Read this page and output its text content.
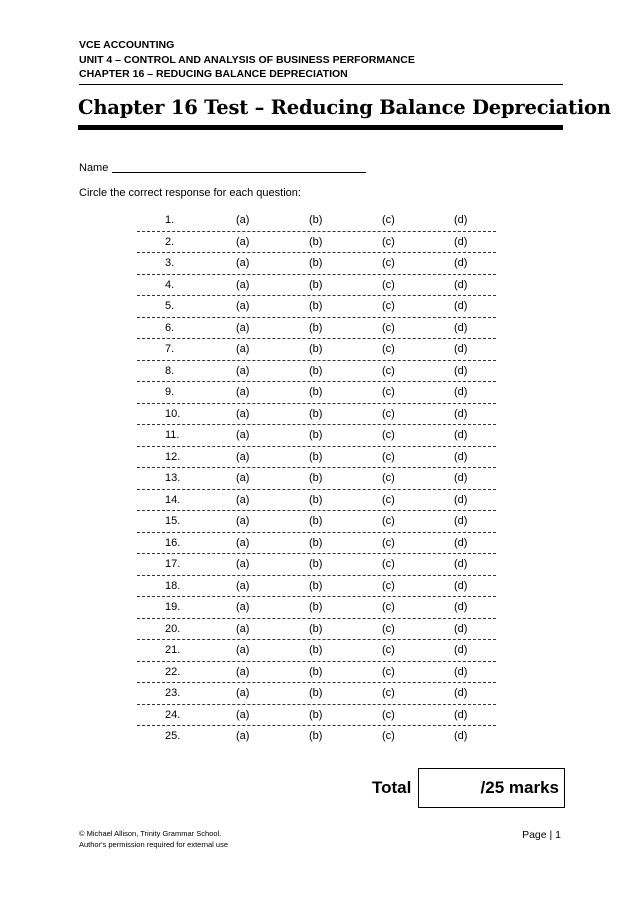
VCE ACCOUNTING
UNIT 4 – CONTROL AND ANALYSIS OF BUSINESS PERFORMANCE
CHAPTER 16 – REDUCING BALANCE DEPRECIATION
Chapter 16 Test – Reducing Balance Depreciation
Name
Circle the correct response for each question:
1.	(a)	(b)	(c)	(d)
2.	(a)	(b)	(c)	(d)
3.	(a)	(b)	(c)	(d)
4.	(a)	(b)	(c)	(d)
5.	(a)	(b)	(c)	(d)
6.	(a)	(b)	(c)	(d)
7.	(a)	(b)	(c)	(d)
8.	(a)	(b)	(c)	(d)
9.	(a)	(b)	(c)	(d)
10.	(a)	(b)	(c)	(d)
11.	(a)	(b)	(c)	(d)
12.	(a)	(b)	(c)	(d)
13.	(a)	(b)	(c)	(d)
14.	(a)	(b)	(c)	(d)
15.	(a)	(b)	(c)	(d)
16.	(a)	(b)	(c)	(d)
17.	(a)	(b)	(c)	(d)
18.	(a)	(b)	(c)	(d)
19.	(a)	(b)	(c)	(d)
20.	(a)	(b)	(c)	(d)
21.	(a)	(b)	(c)	(d)
22.	(a)	(b)	(c)	(d)
23.	(a)	(b)	(c)	(d)
24.	(a)	(b)	(c)	(d)
25.	(a)	(b)	(c)	(d)
Total	/25 marks
© Michael Allison, Trinity Grammar School.
Author's permission required for external use
Page | 1
